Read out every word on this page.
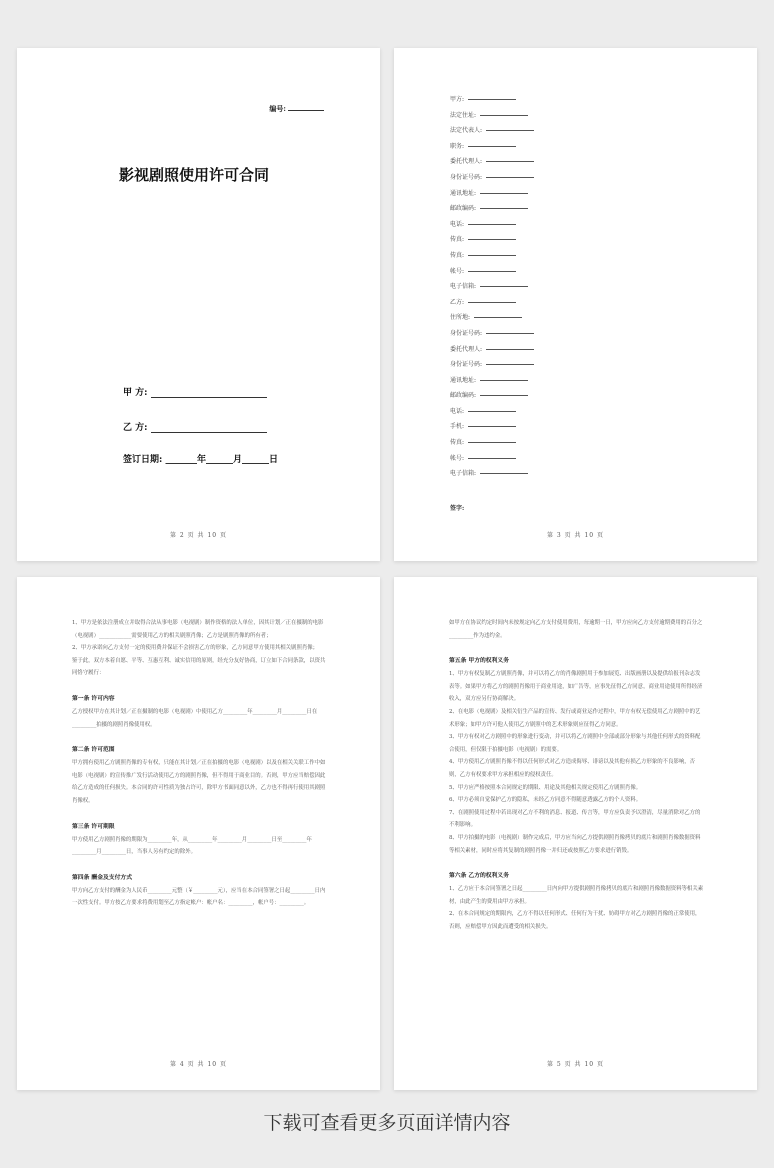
编号:
影视剧照使用许可合同
甲 方:
乙 方:
签订日期: _______年______月______日
第 2 页 共 10 页
甲方:
法定住址:
法定代表人:
职务:
委托代理人:
身份证号码:
通讯地址:
邮政编码:
电话:
传真:
传真:
帐号:
电子信箱:
乙方:
住所地:
身份证号码:
委托代理人:
身份证号码:
通讯地址:
邮政编码:
电话:
手机:
传真:
帐号:
电子信箱:
签字:
第 3 页 共 10 页

1、甲方是依法注册成立并取得合法从事电影（电视剧）制作资格的法人单位，因其计划／正在摄制的电影（电视剧）____________需要使用乙方的相关剧照肖像；乙方是剧照肖像的所有者；

2、甲方承诺向乙方支付一定的使用费并保证不会损害乙方的形象，乙方同意甲方使用其相关剧照肖像；

鉴于此，双方本着自愿、平等、互惠互利、诚实信用的原则，经充分友好协商，订立如下合同条款，以资共同恪守履行：

第一条 许可内容

乙方授权甲方在其计划／正在摄制的电影（电视剧）中使用乙方_________年_________月_________日在_________拍摄的剧照肖像使用权。

第二条 许可范围

甲方拥有使用乙方剧照肖像的专有权，只能在其计划／正在拍摄的电影（电视剧）以及在相关关联工作中如电影（电视剧）的宣传推广发行活动使用乙方的剧照肖像，但不得用于商业目的。否则，甲方应当赔偿因此给乙方造成的任何损失。本合同的许可性质为独占许可，除甲方书面同意以外，乙方也不得再行使用其剧照肖像权。

第三条 许可期限

甲方使用乙方剧照肖像的期限为_________年，从_________年_________月_________日至_________年_________月_________日，当事人另有约定的除外。

第四条 酬金及支付方式

甲方向乙方支付的酬金为人民币_________元整（￥_________元），应当在本合同签署之日起_________日内一次性支付。甲方按乙方要求将费用划至乙方指定帐户：帐户名：_________，帐户号：_________。

第 4 页 共 10 页

如甲方在协议约定时间内未按规定向乙方支付使用费用，每逾期一日，甲方应向乙方支付逾期费用的百分之_________作为违约金。

第五条 甲方的权利义务

1、甲方有权复制乙方剧照肖像，并可以将乙方的肖像剧照用于参加展览、出版画册以及提供给报刊杂志发表等。如果甲方将乙方的剧照肖像用于商业用途，如广告等，应事先征得乙方同意，商业用途使用所得经济收入，双方应另行协商解决。

2、在电影（电视剧）及相关衍生产品的宣传、发行或商业运作过程中，甲方有权无偿使用乙方剧照中的艺术形象；如甲方许可他人使用乙方剧照中的艺术形象则应征得乙方同意。

3、甲方有权对乙方剧照中的形象进行变动，并可以将乙方剧照中全部或部分形象与其他任何形式的资料配合使用，但仅限于拍摄电影（电视剧）的需要。

4、甲方使用乙方剧照肖像不得以任何形式对乙方造成侮辱、诽谤以及其他有损乙方形象的不良影响，否则，乙方有权要求甲方承担相应的侵权责任。

5、甲方应严格按照本合同规定的期限、用途及其他相关规定使用乙方剧照肖像。

6、甲方必须自觉保护乙方的隐私，未经乙方同意不得随意透露乙方的个人资料。

7、在剧照使用过程中若出现对乙方不利的消息、报道、传言等，甲方应负责予以澄清，尽量消除对乙方的不利影响。

8、甲方拍摄的电影（电视剧）制作完成后，甲方应当向乙方提供剧照肖像拷贝的底片和剧照肖像数据资料等相关素材，同时应将其复制的剧照肖像一并归还或按照乙方要求进行销毁。

第六条 乙方的权利义务

1、乙方应于本合同签署之日起_________日内向甲方提供剧照肖像拷贝的底片和剧照肖像数据资料等相关素材，由此产生的费用由甲方承担。

2、在本合同规定的期限内，乙方不得以任何形式、任何行为干扰、妨碍甲方对乙方剧照肖像的正常使用，否则，应赔偿甲方因此而遭受的相关损失。

第 5 页 共 10 页
下载可查看更多页面详情内容
